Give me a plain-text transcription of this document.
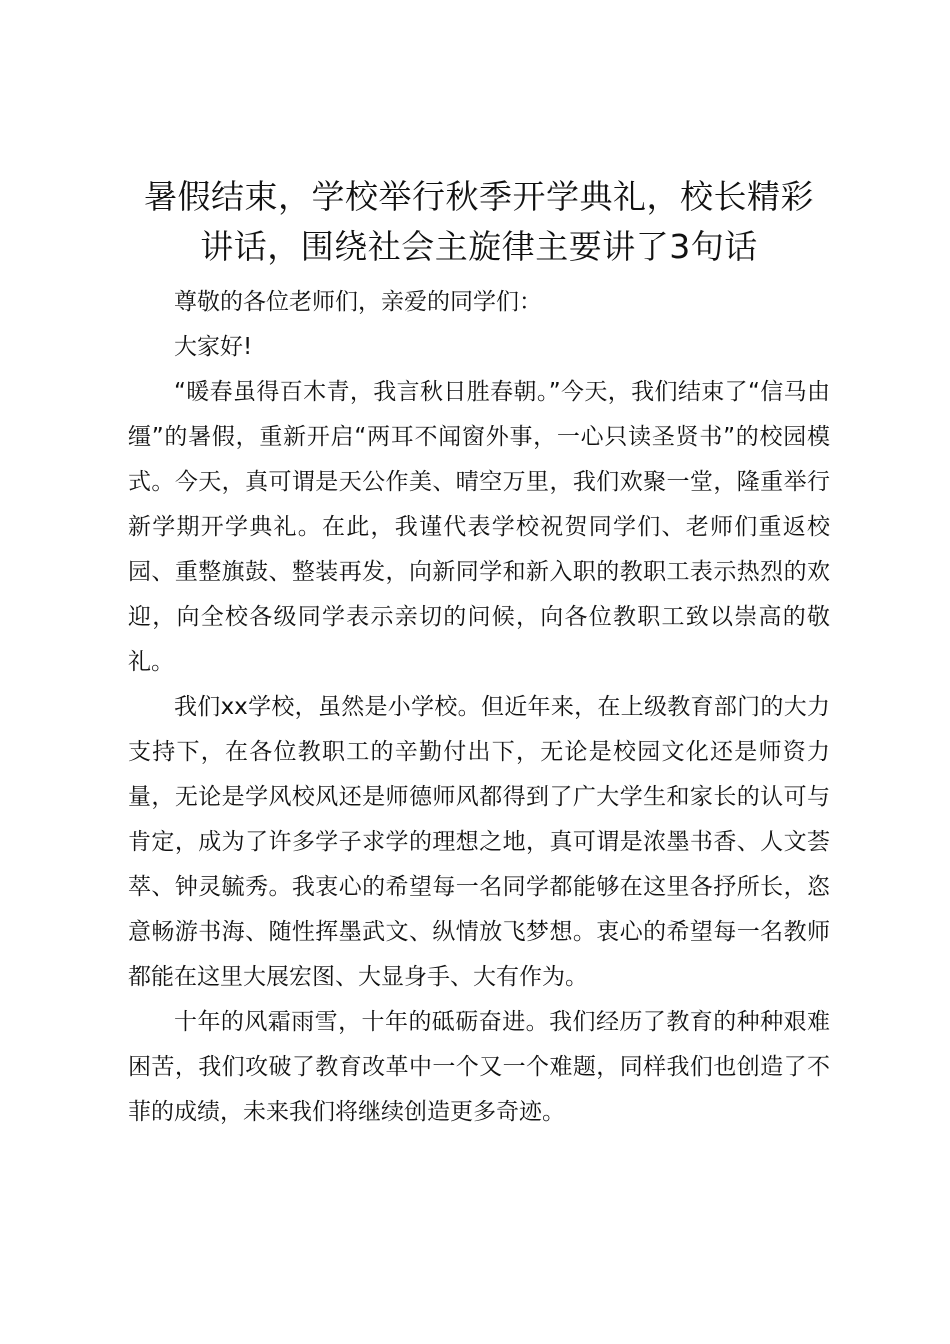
暑假结束，学校举行秋季开学典礼，校长精彩讲话，围绕社会主旋律主要讲了3句话

尊敬的各位老师们，亲爱的同学们：

大家好!

“暖春虽得百木青，我言秋日胜春朝。”今天，我们结束了“信马由缰”的暑假，重新开启“两耳不闻窗外事，一心只读圣贤书”的校园模式。今天，真可谓是天公作美、晴空万里，我们欢聚一堂，隆重举行新学期开学典礼。在此，我谨代表学校祝贺同学们、老师们重返校园、重整旗鼓、整装再发，向新同学和新入职的教职工表示热烈的欢迎，向全校各级同学表示亲切的问候，向各位教职工致以崇高的敬礼。

我们xx学校，虽然是小学校。但近年来，在上级教育部门的大力支持下，在各位教职工的辛勤付出下，无论是校园文化还是师资力量，无论是学风校风还是师德师风都得到了广大学生和家长的认可与肯定，成为了许多学子求学的理想之地，真可谓是浓墨书香、人文荟萃、钟灵毓秀。我衷心的希望每一名同学都能够在这里各抒所长，恣意畅游书海、随性挥墨武文、纵情放飞梦想。衷心的希望每一名教师都能在这里大展宏图、大显身手、大有作为。

十年的风霜雨雪，十年的砥砺奋进。我们经历了教育的种种艰难困苦，我们攻破了教育改革中一个又一个难题，同样我们也创造了不菲的成绩，未来我们将继续创造更多奇迹。
